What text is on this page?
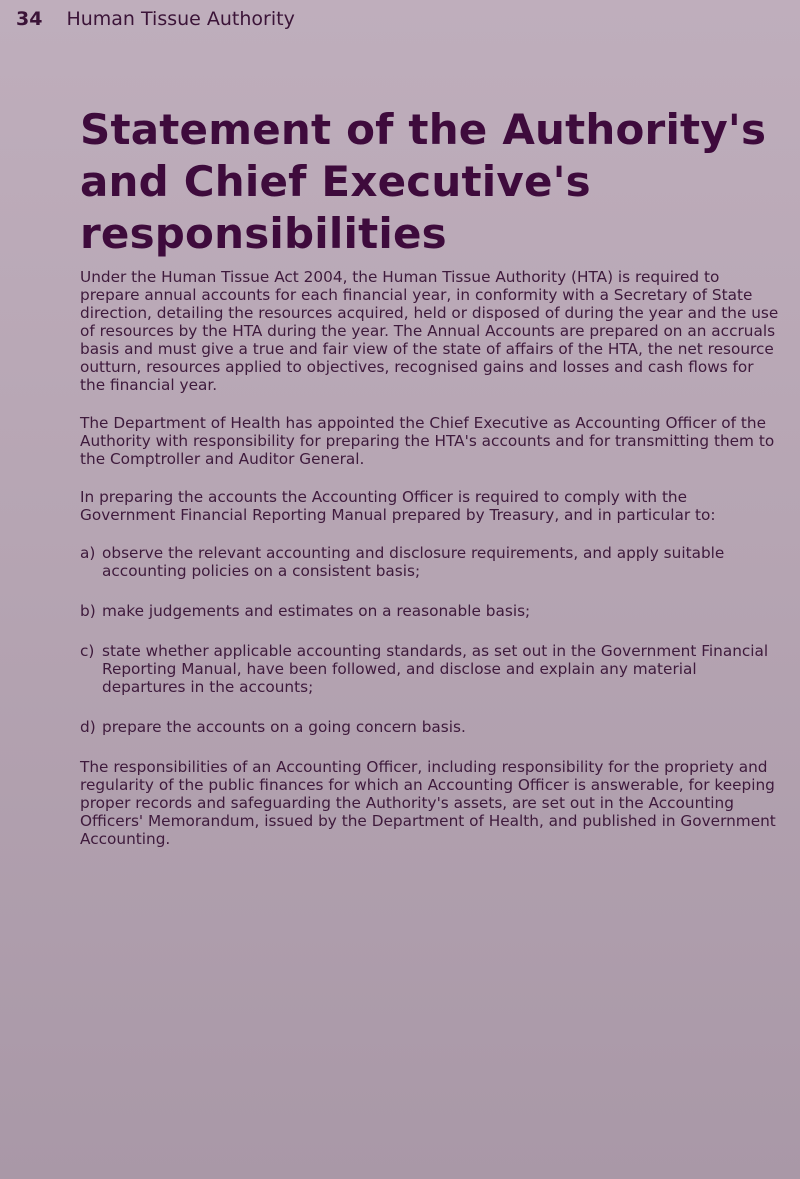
34 Human Tissue Authority
Statement of the Authority's and Chief Executive's responsibilities

Under the Human Tissue Act 2004, the Human Tissue Authority (HTA) is required to prepare annual accounts for each financial year, in conformity with a Secretary of State direction, detailing the resources acquired, held or disposed of during the year and the use of resources by the HTA during the year. The Annual Accounts are prepared on an accruals basis and must give a true and fair view of the state of affairs of the HTA, the net resource outturn, resources applied to objectives, recognised gains and losses and cash flows for the financial year.

The Department of Health has appointed the Chief Executive as Accounting Officer of the Authority with responsibility for preparing the HTA's accounts and for transmitting them to the Comptroller and Auditor General.

In preparing the accounts the Accounting Officer is required to comply with the Government Financial Reporting Manual prepared by Treasury, and in particular to:

a) observe the relevant accounting and disclosure requirements, and apply suitable accounting policies on a consistent basis;
b) make judgements and estimates on a reasonable basis;
c) state whether applicable accounting standards, as set out in the Government Financial Reporting Manual, have been followed, and disclose and explain any material departures in the accounts;
d) prepare the accounts on a going concern basis.

The responsibilities of an Accounting Officer, including responsibility for the propriety and regularity of the public finances for which an Accounting Officer is answerable, for keeping proper records and safeguarding the Authority's assets, are set out in the Accounting Officers' Memorandum, issued by the Department of Health, and published in Government Accounting.
